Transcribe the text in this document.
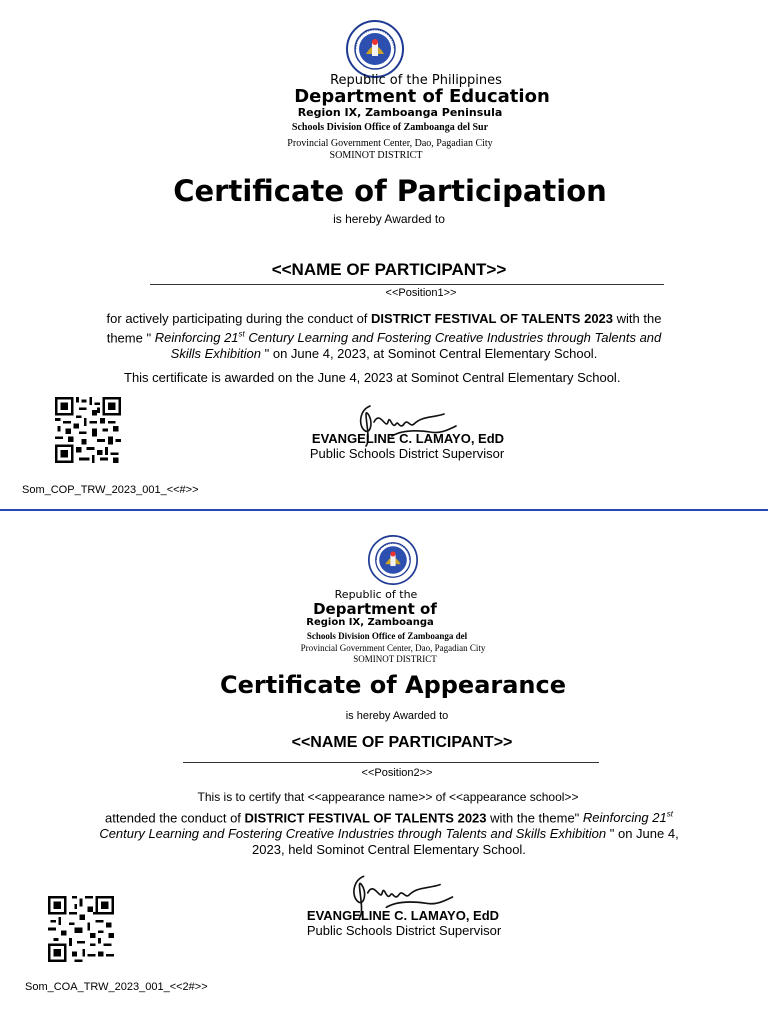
Republic of the Philippines
Department of Education
Region IX, Zamboanga Peninsula
Schools Division Office of Zamboanga del Sur
Provincial Government Center, Dao, Pagadian City
SOMINOT DISTRICT
Certificate of Participation
is hereby Awarded to
<<NAME OF PARTICIPANT>>
<<Position1>>
for actively participating during the conduct of DISTRICT FESTIVAL OF TALENTS 2023 with the
theme " Reinforcing 21st Century Learning and Fostering Creative Industries through Talents and
Skills Exhibition " on June 4, 2023, at Sominot Central Elementary School.
This certificate is awarded on the June 4, 2023 at Sominot Central Elementary School.
EVANGELINE C. LAMAYO, EdD
Public Schools District Supervisor
Som_COP_TRW_2023_001_<<#>>
Republic of the
Department of
Region IX, Zamboanga
Schools Division Office of Zamboanga del
Provincial Government Center, Dao, Pagadian City
SOMINOT DISTRICT
Certificate of Appearance
is hereby Awarded to
<<NAME OF PARTICIPANT>>
<<Position2>>
This is to certify that <<appearance name>> of <<appearance school>>
attended the conduct of DISTRICT FESTIVAL OF TALENTS 2023 with the theme" Reinforcing 21st
Century Learning and Fostering Creative Industries through Talents and Skills Exhibition " on June 4,
2023, held Sominot Central Elementary School.
EVANGELINE C. LAMAYO, EdD
Public Schools District Supervisor
Som_COA_TRW_2023_001_<<2#>>
